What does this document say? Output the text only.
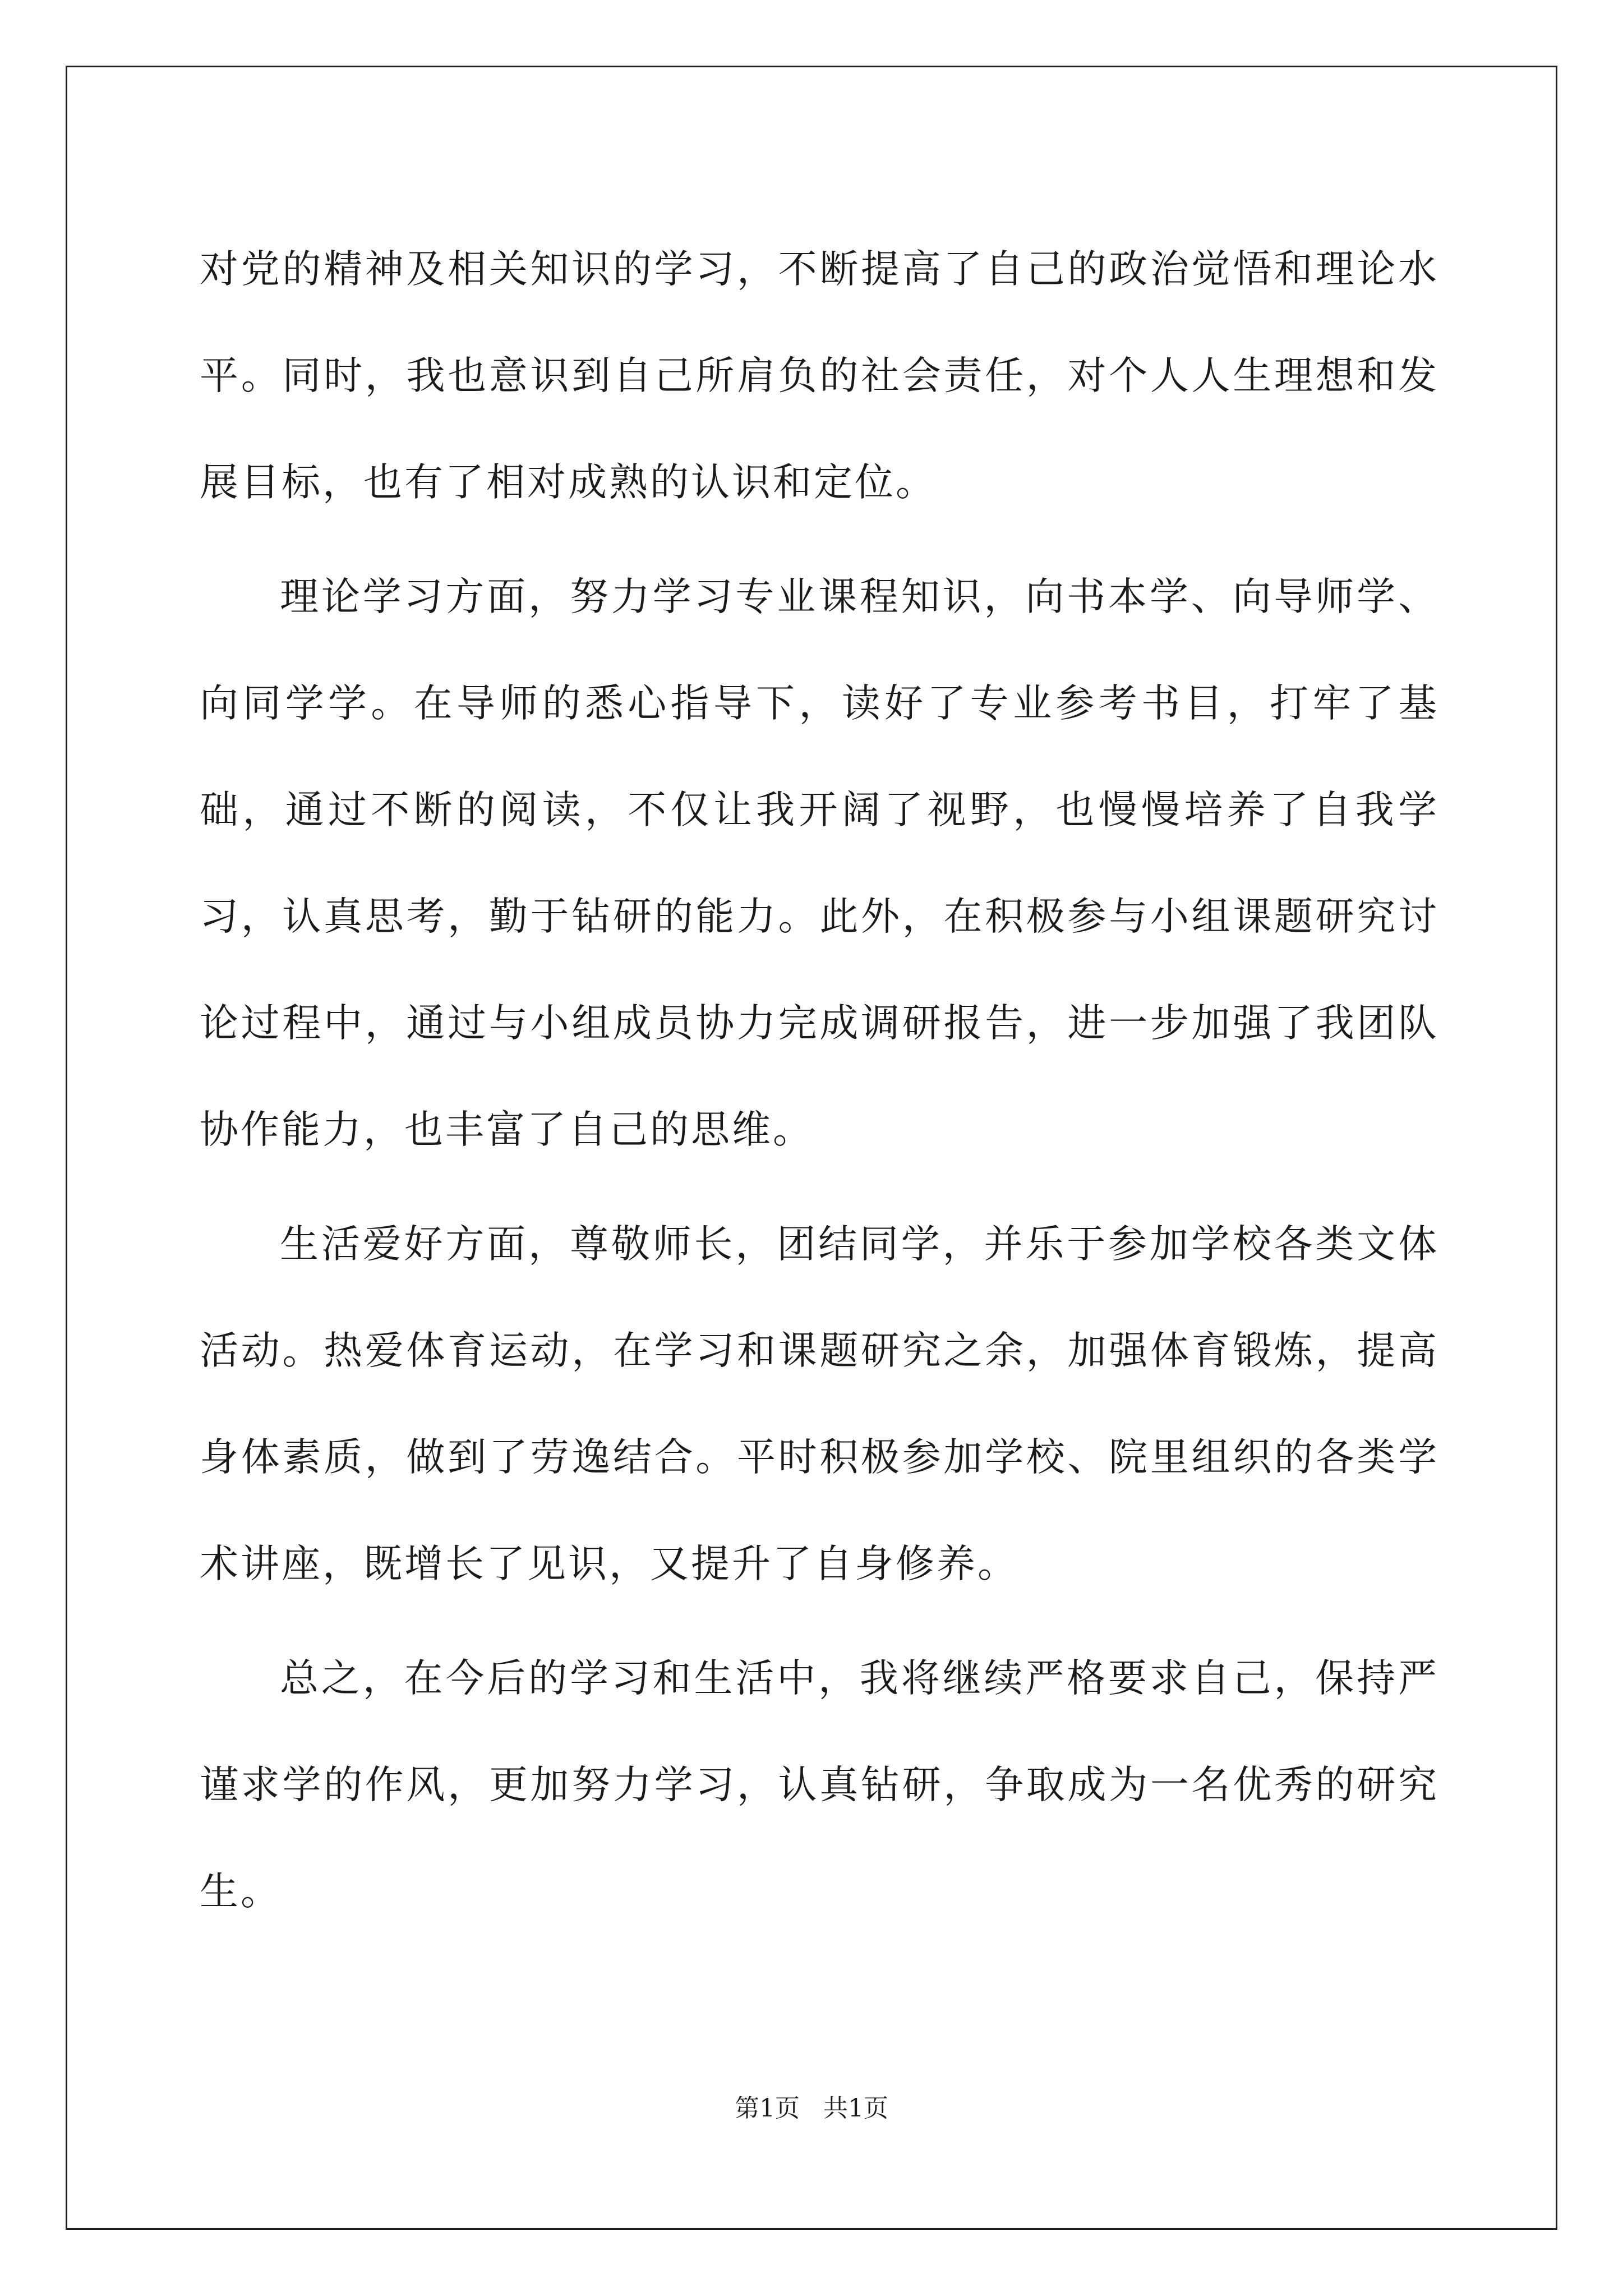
对党的精神及相关知识的学习，不断提高了自己的政治觉悟和理论水平。同时，我也意识到自己所肩负的社会责任，对个人人生理想和发展目标，也有了相对成熟的认识和定位。

理论学习方面，努力学习专业课程知识，向书本学、向导师学、向同学学。在导师的悉心指导下，读好了专业参考书目，打牢了基础，通过不断的阅读，不仅让我开阔了视野，也慢慢培养了自我学习，认真思考，勤于钻研的能力。此外，在积极参与小组课题研究讨论过程中，通过与小组成员协力完成调研报告，进一步加强了我团队协作能力，也丰富了自己的思维。

生活爱好方面，尊敬师长，团结同学，并乐于参加学校各类文体活动。热爱体育运动，在学习和课题研究之余，加强体育锻炼，提高身体素质，做到了劳逸结合。平时积极参加学校、院里组织的各类学术讲座，既增长了见识，又提升了自身修养。

总之，在今后的学习和生活中，我将继续严格要求自己，保持严谨求学的作风，更加努力学习，认真钻研，争取成为一名优秀的研究生。

第1页   共1页
